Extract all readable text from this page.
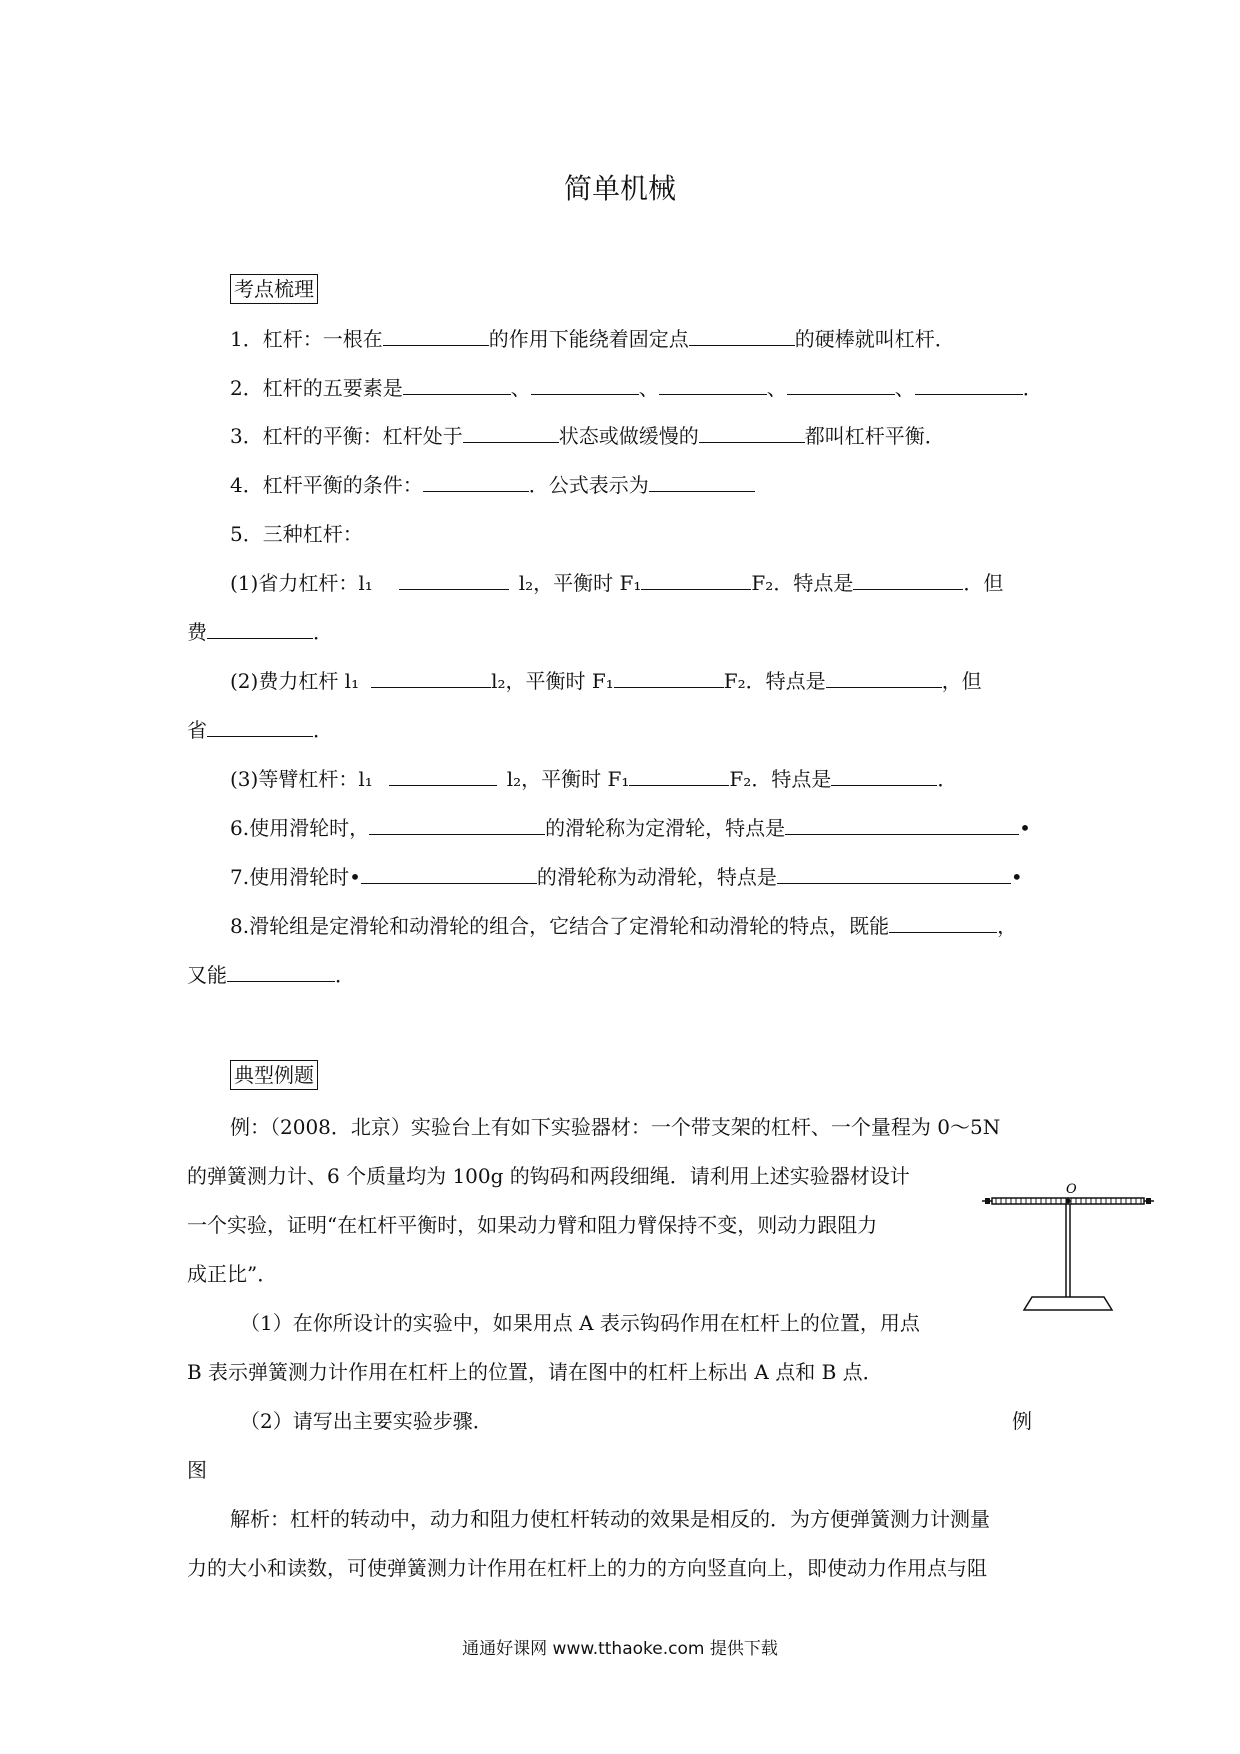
简单机械
考点梳理
1．杠杆：一根在	的作用下能绕着固定点	的硬棒就叫杠杆．
2．杠杆的五要素是	、	、	、	、	．
3．杠杆的平衡：杠杆处于	状态或做缓慢的	都叫杠杆平衡．
4．杠杆平衡的条件：	．公式表示为
5．三种杠杆：
(1)省力杠杆：l₁	l₂，平衡时 F₁	F₂．特点是	．但
费	．
(2)费力杠杆 l₁	l₂，平衡时 F₁	F₂．特点是	，但
省	．
(3)等臂杠杆：l₁	l₂，平衡时 F₁	F₂．特点是	．
6.使用滑轮时，	的滑轮称为定滑轮，特点是	•
7.使用滑轮时•	的滑轮称为动滑轮，特点是	•
8.滑轮组是定滑轮和动滑轮的组合，它结合了定滑轮和动滑轮的特点，既能	，
又能	．
典型例题
例：（2008．北京）实验台上有如下实验器材：一个带支架的杠杆、一个量程为 0～5N
的弹簧测力计、6 个质量均为 100g 的钩码和两段细绳．请利用上述实验器材设计
一个实验，证明“在杠杆平衡时，如果动力臂和阻力臂保持不变，则动力跟阻力
成正比”．
（1）在你所设计的实验中，如果用点 A 表示钩码作用在杠杆上的位置，用点
B 表示弹簧测力计作用在杠杆上的位置，请在图中的杠杆上标出 A 点和 B 点．
（2）请写出主要实验步骤．	例
图
解析：杠杆的转动中，动力和阻力使杠杆转动的效果是相反的．为方便弹簧测力计测量
力的大小和读数，可使弹簧测力计作用在杠杆上的力的方向竖直向上，即使动力作用点与阻
O
通通好课网 www.tthaoke.com 提供下载
